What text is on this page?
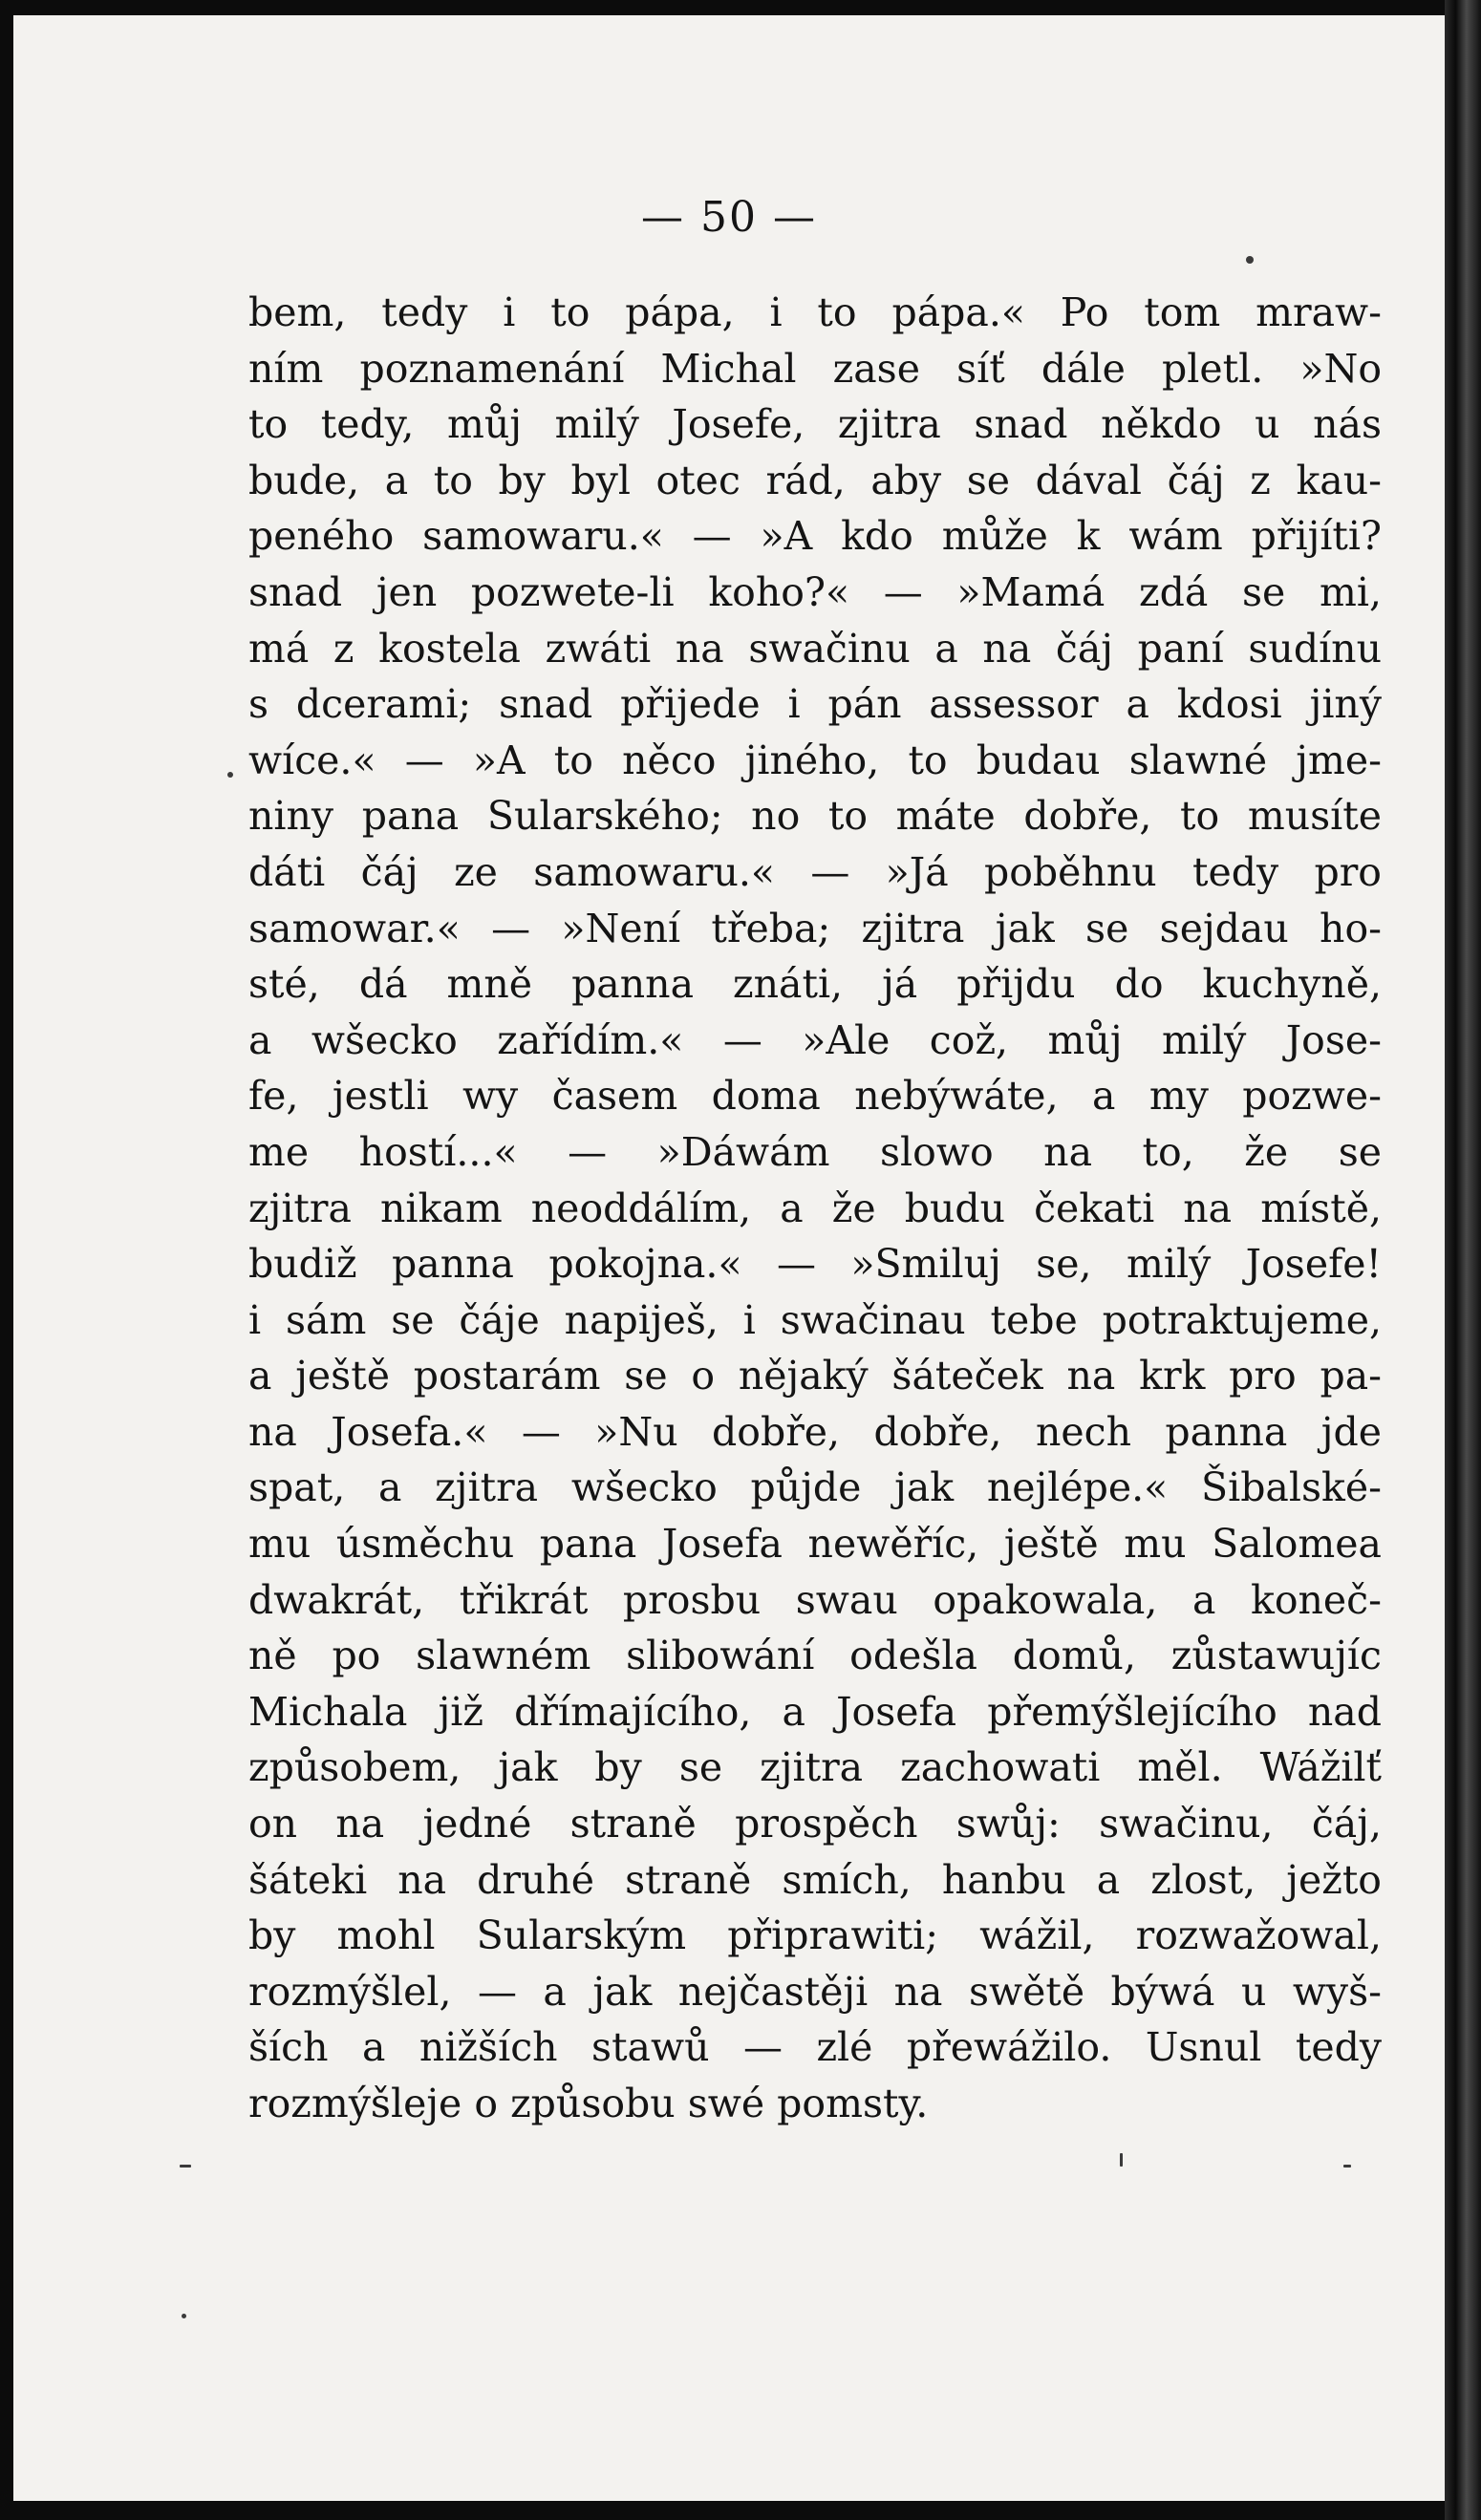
— 50 —
bem, tedy i to pápa, i to pápa.« Po tom mraw-
ním poznamenání Michal zase síť dále pletl. »No
to tedy, můj milý Josefe, zjitra snad někdo u nás
bude, a to by byl otec rád, aby se dával čáj z kau-
peného samowaru.« — »A kdo může k wám přijíti?
snad jen pozwete-li koho?« — »Mamá zdá se mi,
má z kostela zwáti na swačinu a na čáj paní sudínu
s dcerami; snad přijede i pán assessor a kdosi jiný
wíce.« — »A to něco jiného, to budau slawné jme-
niny pana Sularského; no to máte dobře, to musíte
dáti čáj ze samowaru.« — »Já poběhnu tedy pro
samowar.« — »Není třeba; zjitra jak se sejdau ho-
sté, dá mně panna znáti, já přijdu do kuchyně,
a wšecko zařídím.« — »Ale což, můj milý Jose-
fe, jestli wy časem doma nebýwáte, a my pozwe-
me hostí...« — »Dáwám slowo na to, že se
zjitra nikam neoddálím, a že budu čekati na místě,
budiž panna pokojna.« — »Smiluj se, milý Josefe!
i sám se čáje napiješ, i swačinau tebe potraktujeme,
a ještě postarám se o nějaký šáteček na krk pro pa-
na Josefa.« — »Nu dobře, dobře, nech panna jde
spat, a zjitra wšecko půjde jak nejlépe.« Šibalské-
mu úsměchu pana Josefa newěříc, ještě mu Salomea
dwakrát, třikrát prosbu swau opakowala, a koneč-
ně po slawném slibowání odešla domů, zůstawujíc
Michala již dřímajícího, a Josefa přemýšlejícího nad
způsobem, jak by se zjitra zachowati měl. Wážilť
on na jedné straně prospěch swůj: swačinu, čáj,
šáteki na druhé straně smích, hanbu a zlost, ježto
by mohl Sularským připrawiti; wážil, rozwažowal,
rozmýšlel, — a jak nejčastěji na swětě býwá u wyš-
ších a nižších stawů — zlé přewážilo. Usnul tedy
rozmýšleje o způsobu swé pomsty.
